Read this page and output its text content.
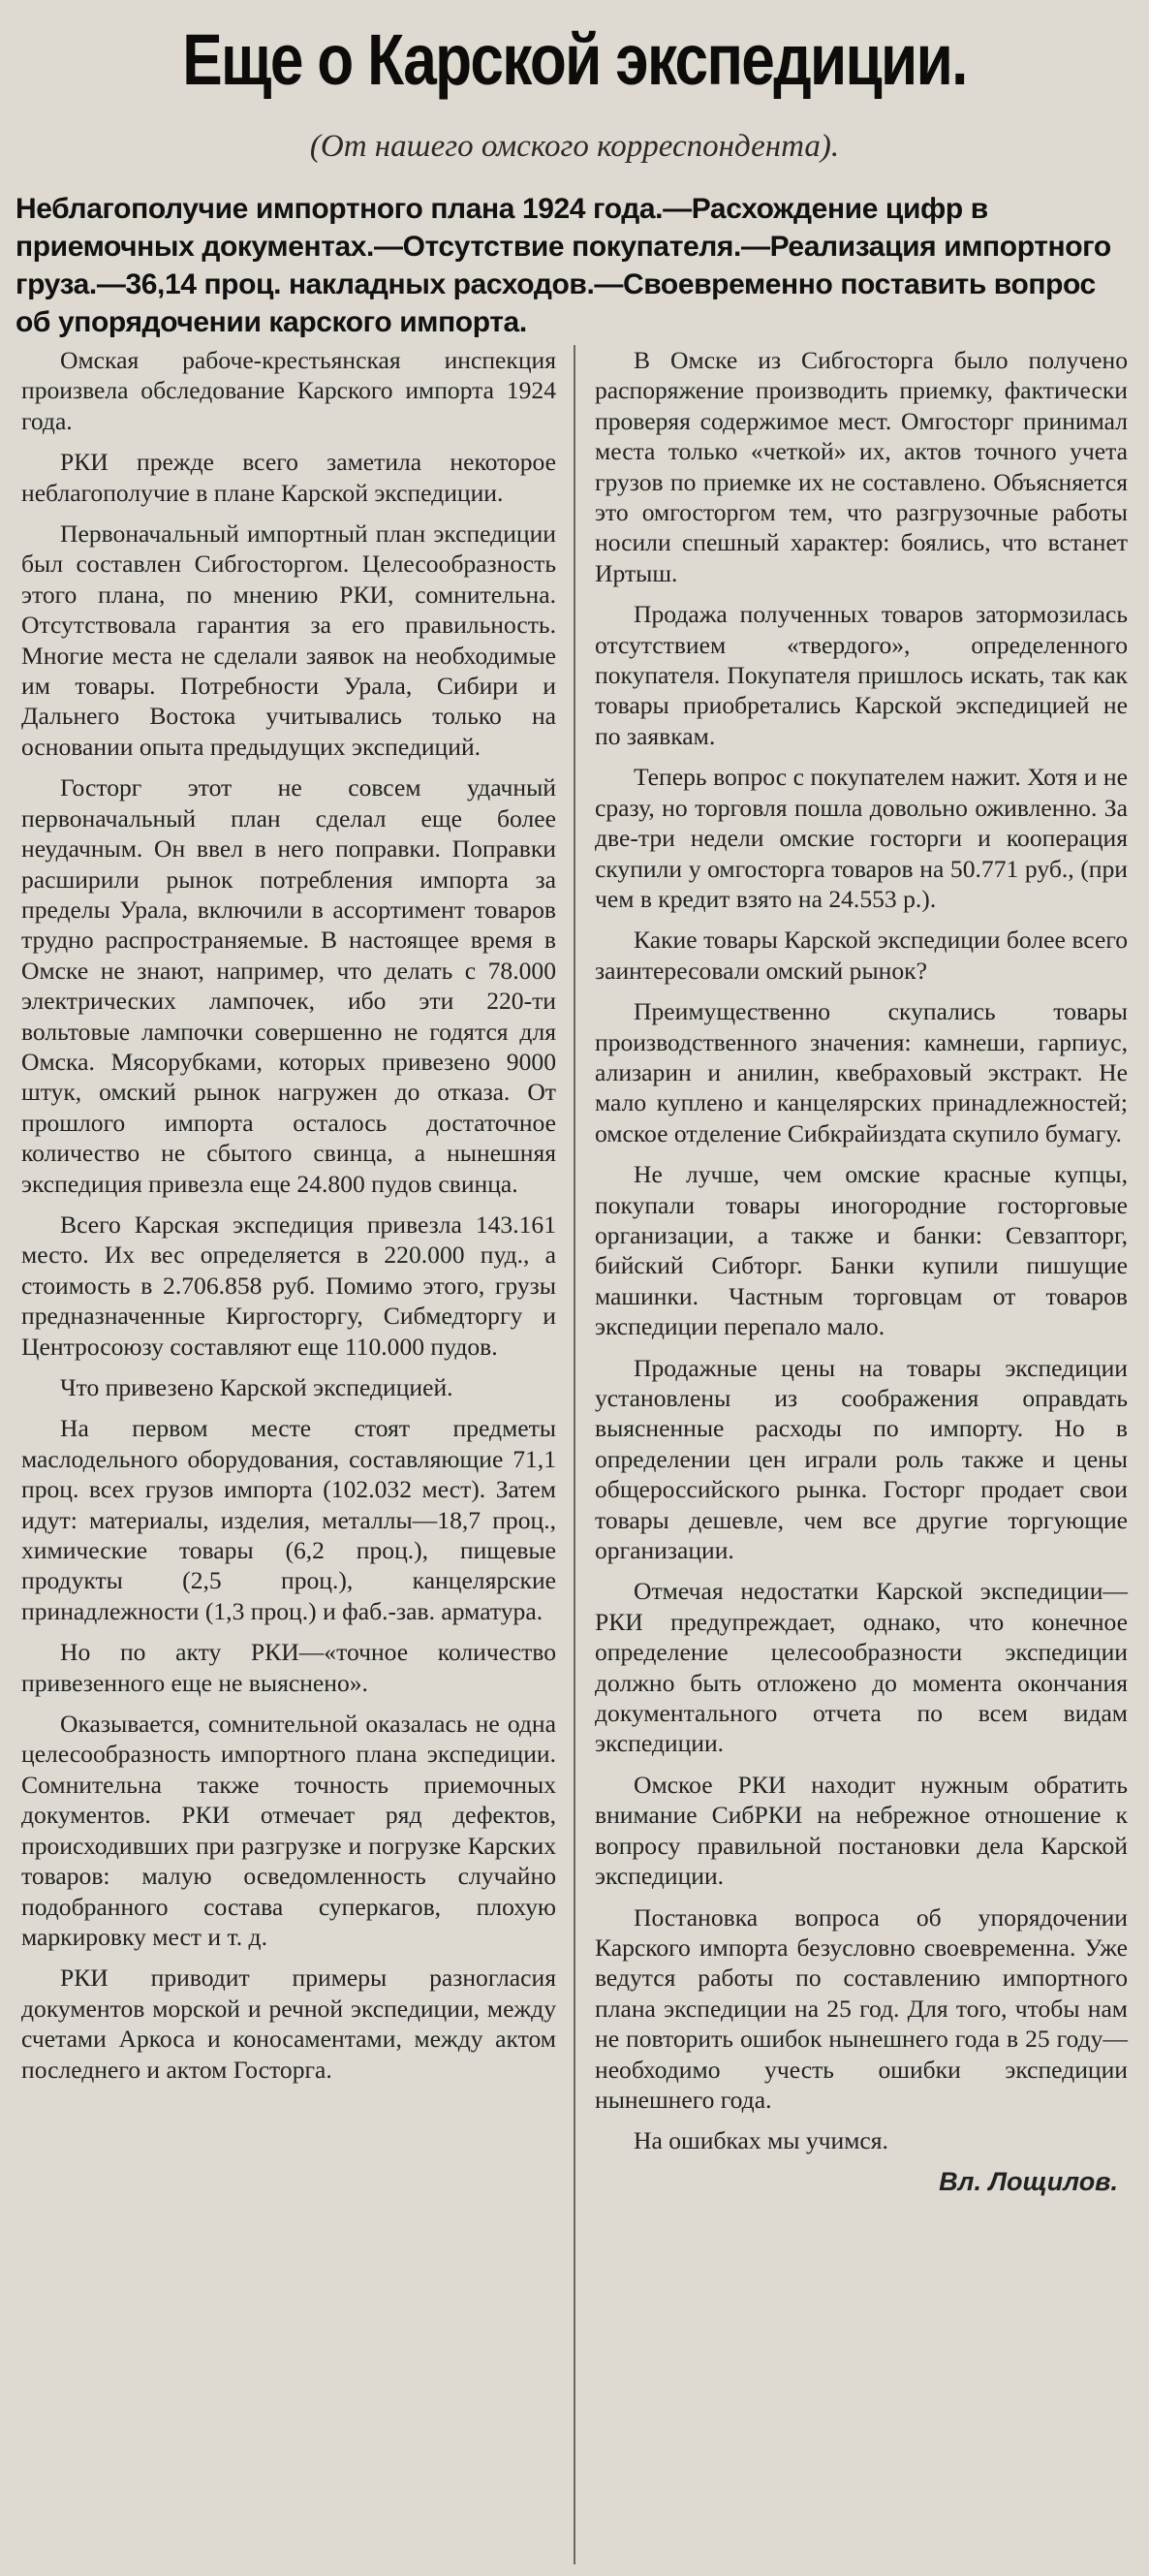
Еще о Карской экспедиции.
(От нашего омского корреспондента).
Неблагополучие импортного плана 1924 года.—Расхождение цифр в приемочных документах.—Отсутствие покупателя.—Реализация импортного груза.—36,14 проц. накладных расходов.—Своевременно поставить вопрос об упорядочении карского импорта.

Омская рабоче-крестьянская инспекция произвела обследование Карского импорта 1924 года.

РКИ прежде всего заметила некоторое неблагополучие в плане Карской экспедиции.

Первоначальный импортный план экспедиции был составлен Сибгосторгом. Целесообразность этого плана, по мнению РКИ, сомнительна. Отсутствовала гарантия за его правильность. Многие места не сделали заявок на необходимые им товары. Потребности Урала, Сибири и Дальнего Востока учитывались только на основании опыта предыдущих экспедиций.

Госторг этот не совсем удачный первоначальный план сделал еще более неудачным. Он ввел в него поправки. Поправки расширили рынок потребления импорта за пределы Урала, включили в ассортимент товаров трудно распространяемые. В настоящее время в Омске не знают, например, что делать с 78.000 электрических лампочек, ибо эти 220-ти вольтовые лампочки совершенно не годятся для Омска. Мясорубками, которых привезено 9000 штук, омский рынок нагружен до отказа. От прошлого импорта осталось достаточное количество не сбытого свинца, а нынешняя экспедиция привезла еще 24.800 пудов свинца.

Всего Карская экспедиция привезла 143.161 место. Их вес определяется в 220.000 пуд., а стоимость в 2.706.858 руб. Помимо этого, грузы предназначенные Киргосторгу, Сибмедторгу и Центросоюзу составляют еще 110.000 пудов.

Что привезено Карской экспедицией.

На первом месте стоят предметы маслодельного оборудования, составляющие 71,1 проц. всех грузов импорта (102.032 мест). Затем идут: материалы, изделия, металлы—18,7 проц., химические товары (6,2 проц.), пищевые продукты (2,5 проц.), канцелярские принадлежности (1,3 проц.) и фаб.-зав. арматура.

Но по акту РКИ—«точное количество привезенного еще не выяснено».

Оказывается, сомнительной оказалась не одна целесообразность импортного плана экспедиции. Сомнительна также точность приемочных документов. РКИ отмечает ряд дефектов, происходивших при разгрузке и погрузке Карских товаров: малую осведомленность случайно подобранного состава суперкагов, плохую маркировку мест и т. д.

РКИ приводит примеры разногласия документов морской и речной экспедиции, между счетами Аркоса и коносаментами, между актом последнего и актом Госторга.

В Омске из Сибгосторга было получено распоряжение производить приемку, фактически проверяя содержимое мест. Омгосторг принимал места только «четкой» их, актов точного учета грузов по приемке их не составлено. Объясняется это омгосторгом тем, что разгрузочные работы носили спешный характер: боялись, что встанет Иртыш.

Продажа полученных товаров затормозилась отсутствием «твердого», определенного покупателя. Покупателя пришлось искать, так как товары приобретались Карской экспедицией не по заявкам.

Теперь вопрос с покупателем нажит. Хотя и не сразу, но торговля пошла довольно оживленно. За две-три недели омские госторги и кооперация скупили у омгосторга товаров на 50.771 руб., (при чем в кредит взято на 24.553 р.).

Какие товары Карской экспедиции более всего заинтересовали омский рынок?

Преимущественно скупались товары производственного значения: камнеши, гарпиус, ализарин и анилин, квебраховый экстракт. Не мало куплено и канцелярских принадлежностей; омское отделение Сибкрайиздата скупило бумагу.

Не лучше, чем омские красные купцы, покупали товары иногородние госторговые организации, а также и банки: Севзапторг, бийский Сибторг. Банки купили пишущие машинки. Частным торговцам от товаров экспедиции перепало мало.

Продажные цены на товары экспедиции установлены из соображения оправдать выясненные расходы по импорту. Но в определении цен играли роль также и цены общероссийского рынка. Госторг продает свои товары дешевле, чем все другие торгующие организации.

Отмечая недостатки Карской экспедиции—РКИ предупреждает, однако, что конечное определение целесообразности экспедиции должно быть отложено до момента окончания документального отчета по всем видам экспедиции.

Омское РКИ находит нужным обратить внимание СибРКИ на небрежное отношение к вопросу правильной постановки дела Карской экспедиции.

Постановка вопроса об упорядочении Карского импорта безусловно своевременна. Уже ведутся работы по составлению импортного плана экспедиции на 25 год. Для того, чтобы нам не повторить ошибок нынешнего года в 25 году—необходимо учесть ошибки экспедиции нынешнего года.

На ошибках мы учимся.

Вл. Лощилов.
